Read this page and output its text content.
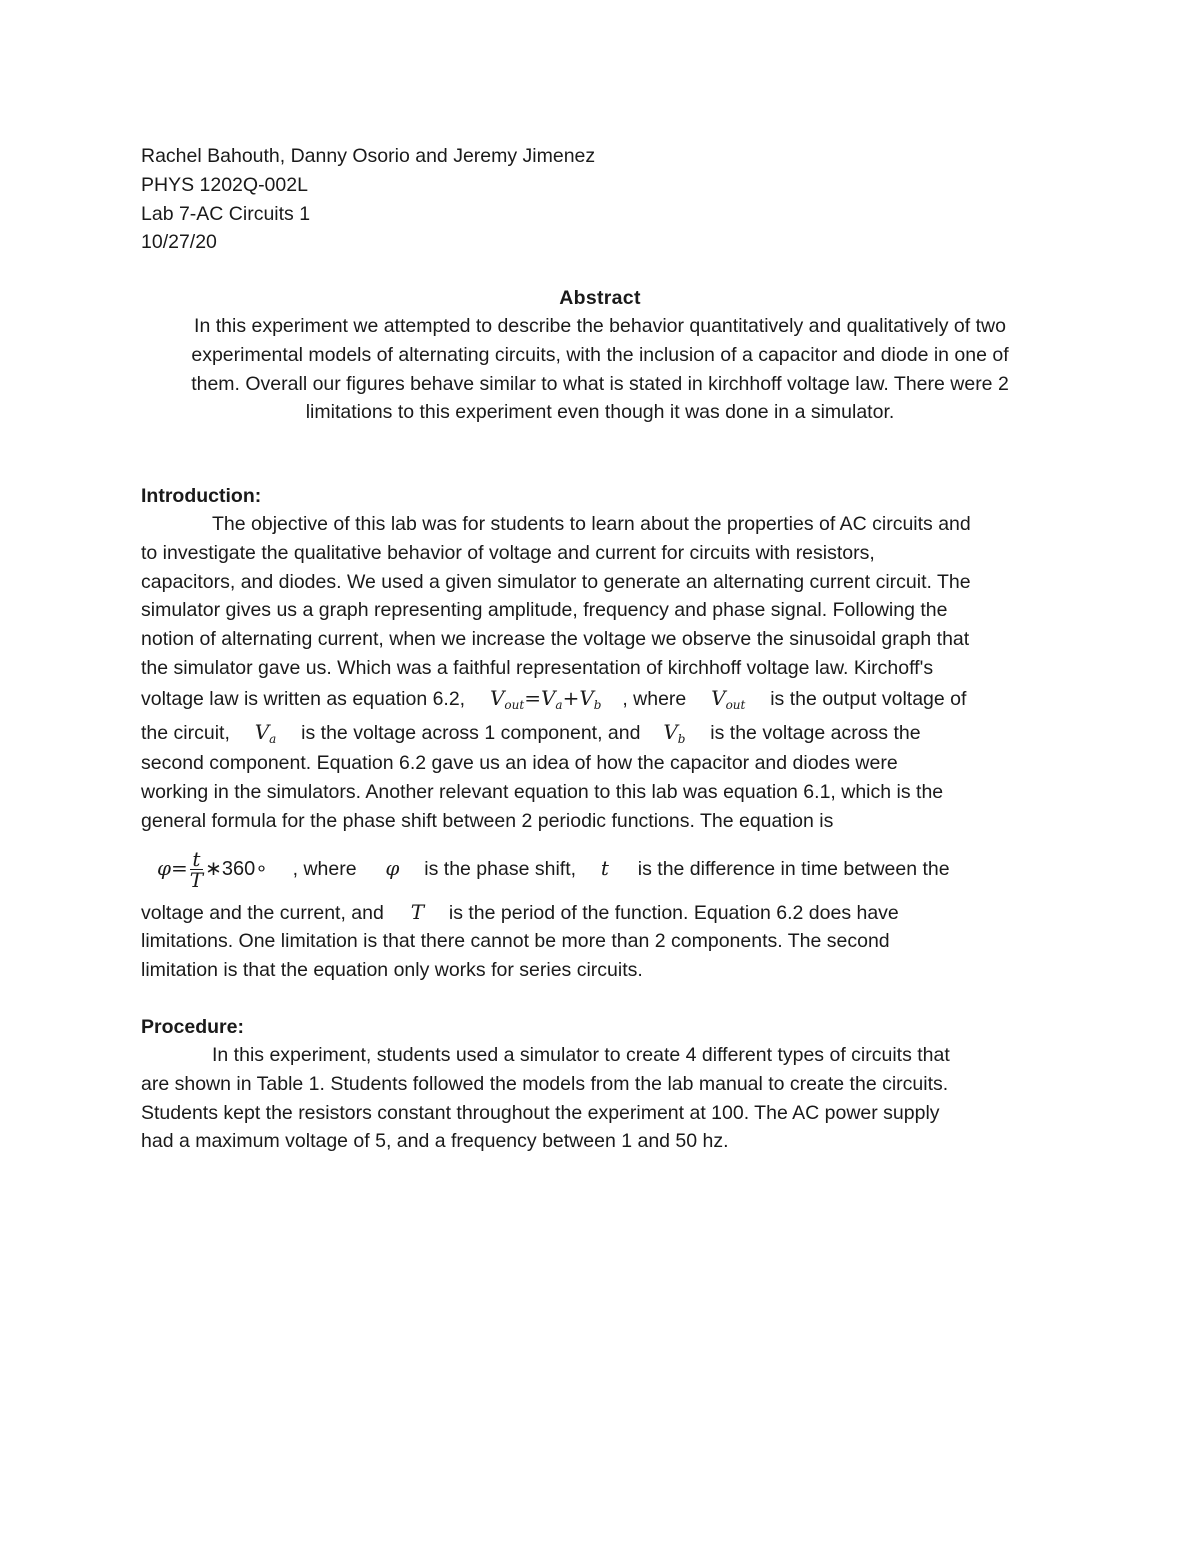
Rachel Bahouth, Danny Osorio and Jeremy Jimenez
PHYS 1202Q-002L
Lab 7-AC Circuits 1
10/27/20
Abstract
In this experiment we attempted to describe the behavior quantitatively and qualitatively of two
experimental models of alternating circuits, with the inclusion of a capacitor and diode in one of
them. Overall our figures behave similar to what is stated in kirchhoff voltage law. There were 2
limitations to this experiment even though it was done in a simulator.
Introduction:
The objective of this lab was for students to learn about the properties of AC circuits and
to investigate the qualitative behavior of voltage and current for circuits with resistors,
capacitors, and diodes. We used a given simulator to generate an alternating current circuit. The
simulator gives us a graph representing amplitude, frequency and phase signal. Following the
notion of alternating current, when we increase the voltage we observe the sinusoidal graph that
the simulator gave us. Which was a faithful representation of kirchhoff voltage law. Kirchoff's
voltage law is written as equation 6.2, $V_{out}=V_a+V_b$ , where $V_{out}$ is the output voltage of
the circuit, $V_a$ is the voltage across 1 component, and $V_b$ is the voltage across the
second component. Equation 6.2 gave us an idea of how the capacitor and diodes were
working in the simulators. Another relevant equation to this lab was equation 6.1, which is the
general formula for the phase shift between 2 periodic functions. The equation is
$\varphi= \frac{t}{T}$ ∗360∘ , where φ is the phase shift, t is the difference in time between the
voltage and the current, and T is the period of the function. Equation 6.2 does have
limitations. One limitation is that there cannot be more than 2 components. The second
limitation is that the equation only works for series circuits.
Procedure:
In this experiment, students used a simulator to create 4 different types of circuits that
are shown in Table 1. Students followed the models from the lab manual to create the circuits.
Students kept the resistors constant throughout the experiment at 100. The AC power supply
had a maximum voltage of 5, and a frequency between 1 and 50 hz.
